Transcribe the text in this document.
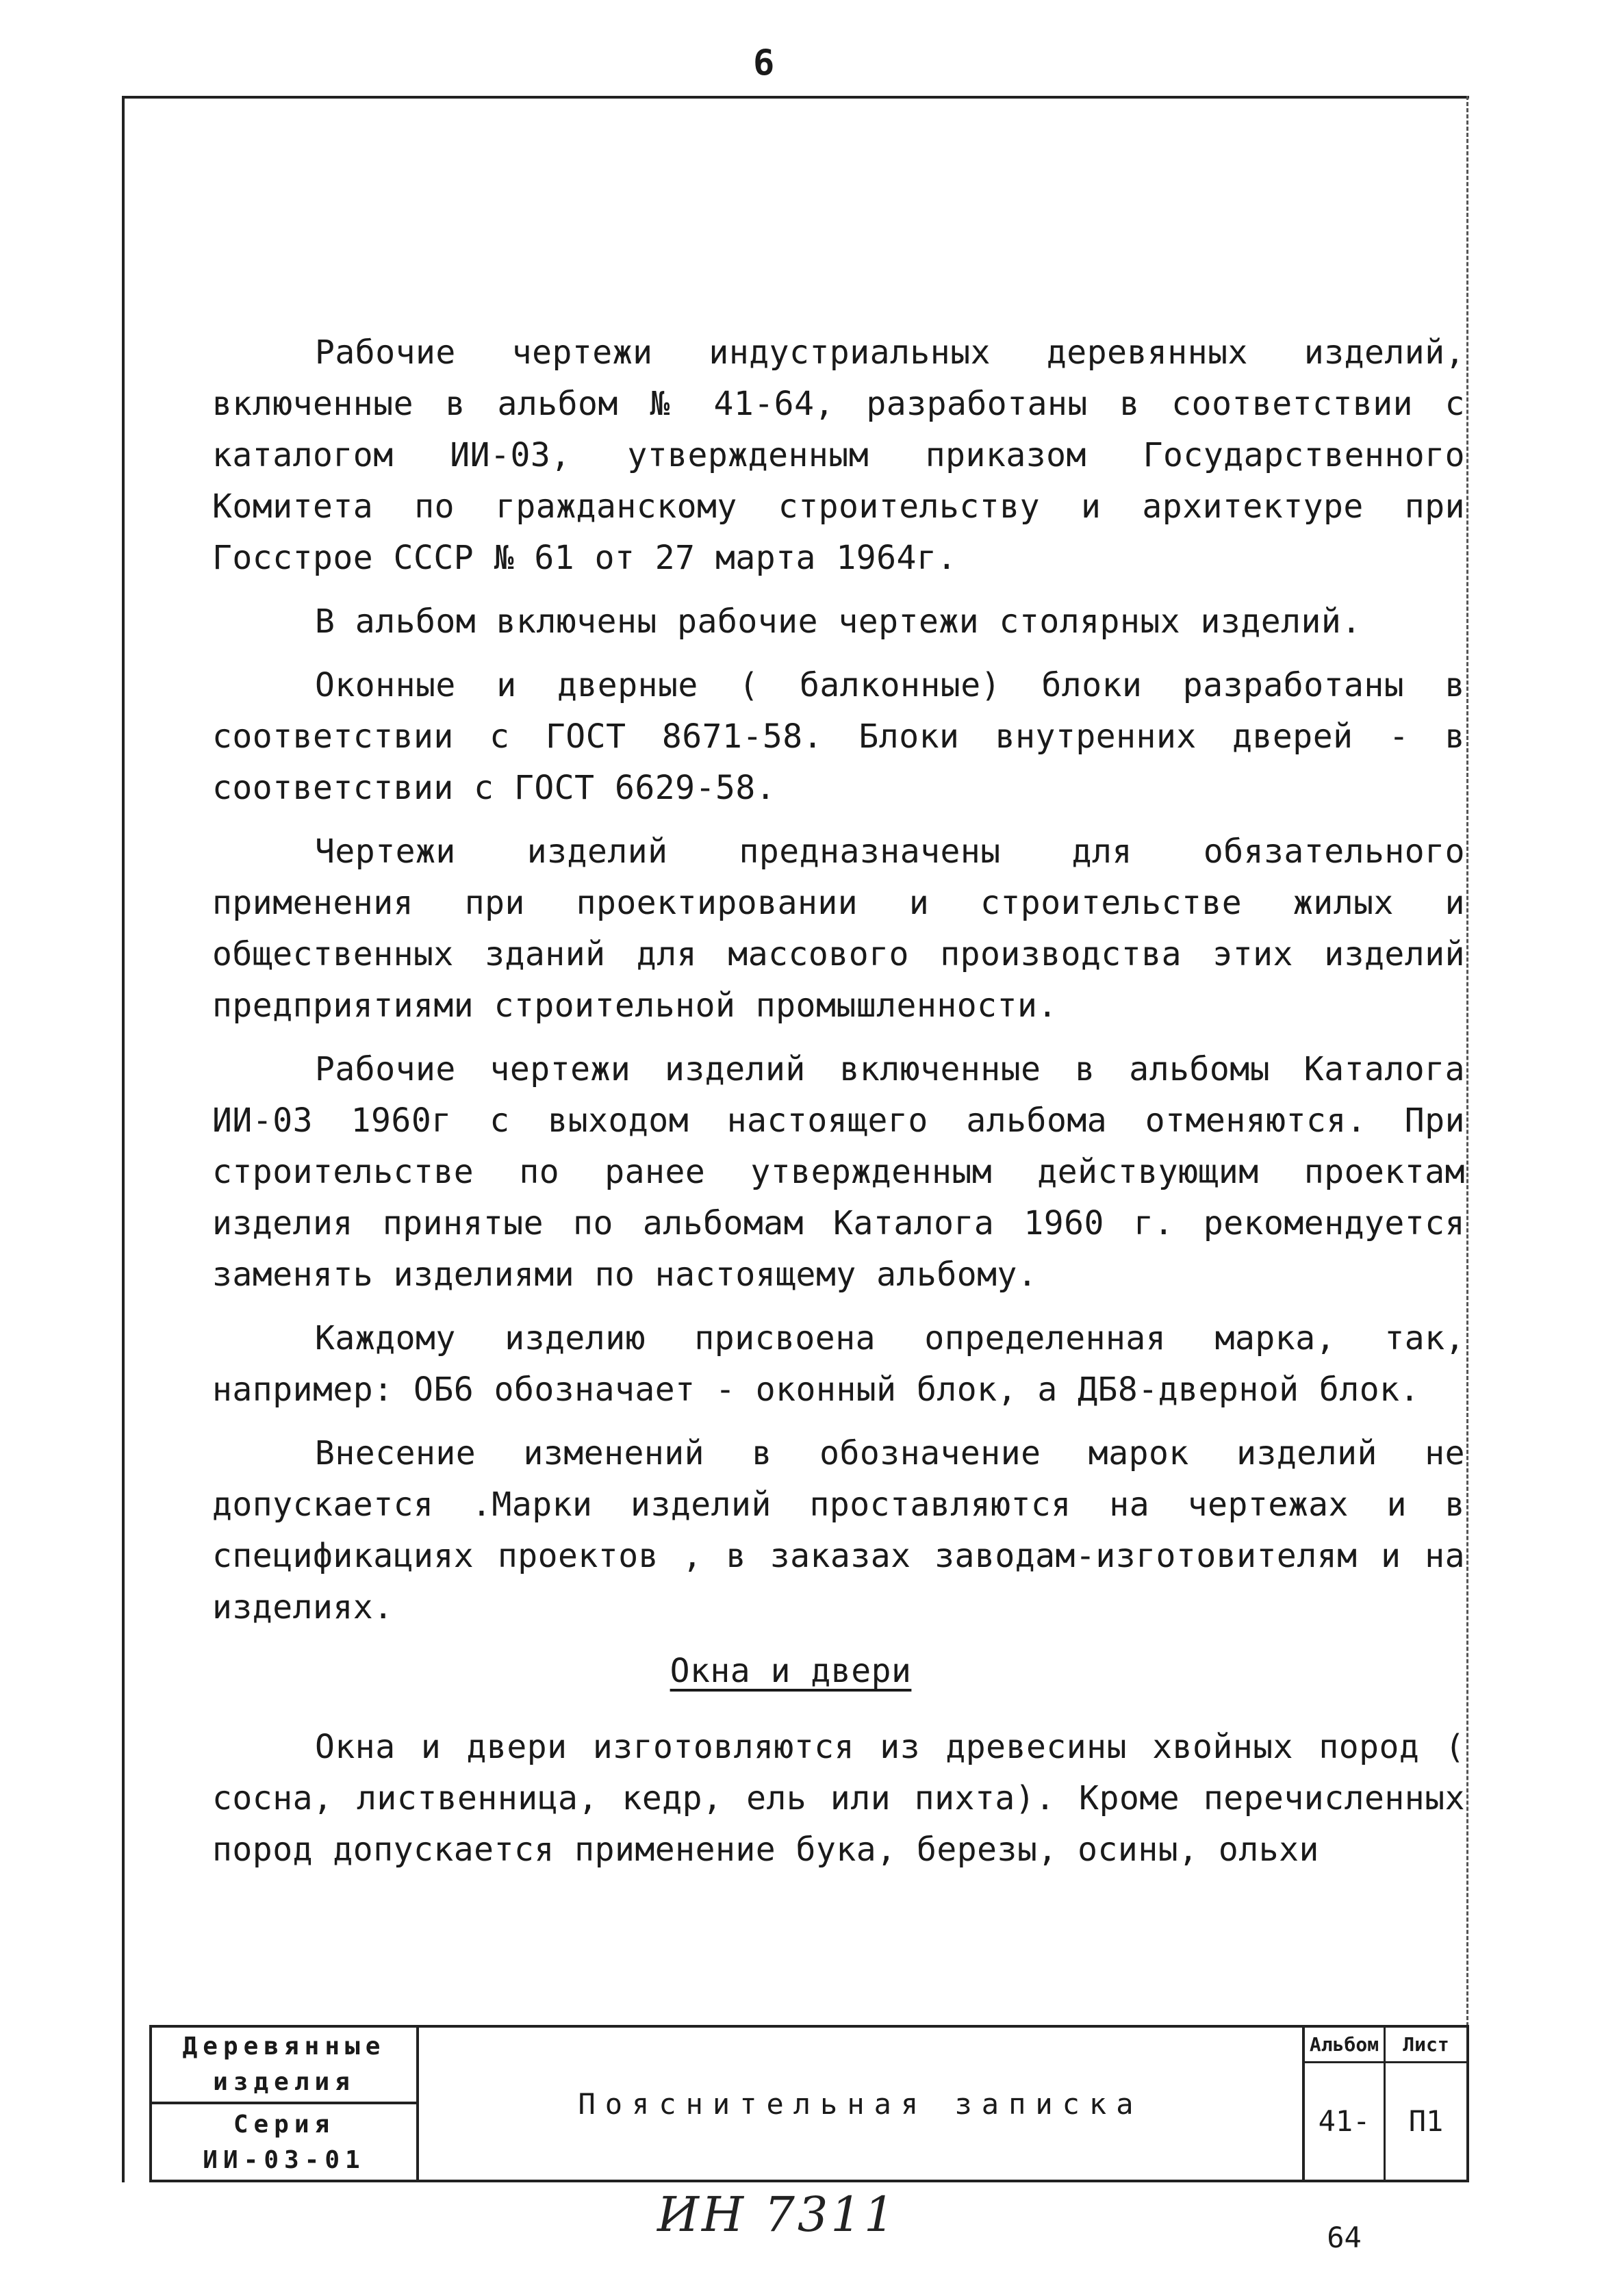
6

Рабочие чертежи индустриальных деревянных изделий, включенные в альбом № 41-64, разработаны в соответствии с каталогом ИИ-03, утвержденным приказом Государственного Комитета по гражданскому строительству и архитектуре при Госстрое СССР № 61 от 27 марта 1964г.

В альбом включены рабочие чертежи столярных изделий.

Оконные и дверные ( балконные) блоки разработаны в соответствии с ГОСТ 8671-58. Блоки внутренних дверей - в соответствии с ГОСТ 6629-58.

Чертежи изделий предназначены для обязательного применения при проектировании и строительстве жилых и общественных зданий для массового производства этих изделий предприятиями строительной промышленности.

Рабочие чертежи изделий включенные в альбомы Каталога ИИ-03 1960г с выходом настоящего альбома отменяются. При строительстве по ранее утвержденным действующим проектам изделия принятые по альбомам Каталога 1960 г. рекомендуется заменять изделиями по настоящему альбому.

Каждому изделию присвоена определенная марка, так, например: ОБ6 обозначает - оконный блок, а ДБ8-дверной блок.

Внесение изменений в обозначение марок изделий не допускается .Марки изделий проставляются на чертежах и в спецификациях проектов , в заказах заводам-изготовителям и на изделиях.

Окна и двери

Окна и двери изготовляются из древесины хвойных пород ( сосна, лиственница, кедр, ель или пихта). Кроме перечисленных пород допускается применение бука, березы, осины, ольхи

Деревянные
изделия
Серия
ИИ-03-01
Пояснительная записка
Альбом	Лист
41-64
П1
ИН 7311
